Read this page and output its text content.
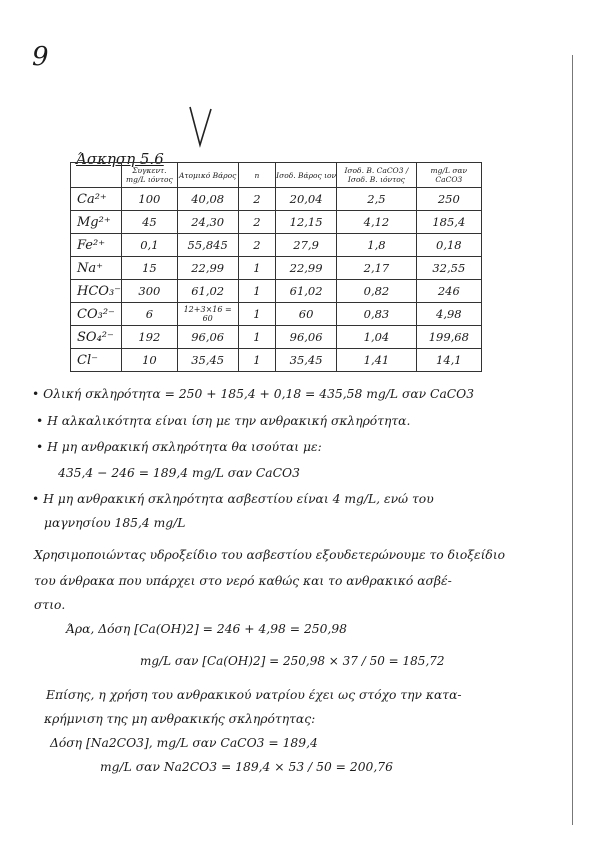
9
Άσκηση 5.6
	Συγκεντ. mg/L ιόντος	Ατομικό Βάρος	n	Ισοδ. Βάρος ιον	Ισοδ. Β. CaCO3 / Ισοδ. Β. ιόντος	mg/L σαν CaCO3
Ca²⁺	100	40,08	2	20,04	2,5	250
Mg²⁺	45	24,30	2	12,15	4,12	185,4
Fe²⁺	0,1	55,845	2	27,9	1,8	0,18
Na⁺	15	22,99	1	22,99	2,17	32,55
HCO₃⁻	300	61,02	1	61,02	0,82	246
CO₃²⁻	6	12+3×16 = 60	1	60	0,83	4,98
SO₄²⁻	192	96,06	1	96,06	1,04	199,68
Cl⁻	10	35,45	1	35,45	1,41	14,1
• Ολική σκληρότητα = 250 + 185,4 + 0,18 = 435,58 mg/L σαν CaCO3
• Η αλκαλικότητα είναι ίση με την ανθρακική σκληρότητα.
• Η μη ανθρακική σκληρότητα θα ισούται με:
435,4 − 246 = 189,4 mg/L σαν CaCO3
• Η μη ανθρακική σκληρότητα ασβεστίου είναι 4 mg/L, ενώ του
μαγνησίου 185,4 mg/L
Χρησιμοποιώντας υδροξείδιο του ασβεστίου εξουδετερώνουμε το διοξείδιο
του άνθρακα που υπάρχει στο νερό καθώς και το ανθρακικό ασβέ-
στιο.
Άρα, Δόση [Ca(OH)2] = 246 + 4,98 = 250,98
mg/L σαν [Ca(OH)2] = 250,98 × 37 / 50 = 185,72
Επίσης, η χρήση του ανθρακικού νατρίου έχει ως στόχο την κατα-
κρήμνιση της μη ανθρακικής σκληρότητας:
Δόση [Na2CO3], mg/L σαν CaCO3 = 189,4
mg/L σαν Na2CO3 = 189,4 × 53 / 50 = 200,76
